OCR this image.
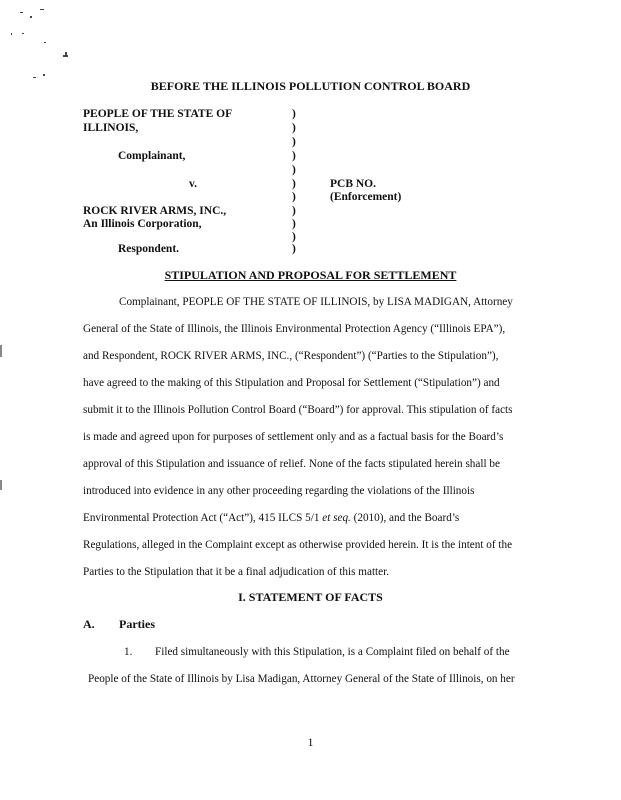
BEFORE THE ILLINOIS POLLUTION CONTROL BOARD
PEOPLE OF THE STATE OF
ILLINOIS,
Complainant,
v.	PCB NO.
(Enforcement)
ROCK RIVER ARMS, INC.,
An Illinois Corporation,
Respondent.
)
)
)
)
)
)
)
)
)
)
)
STIPULATION AND PROPOSAL FOR SETTLEMENT
Complainant, PEOPLE OF THE STATE OF ILLINOIS, by LISA MADIGAN, Attorney
General of the State of Illinois, the Illinois Environmental Protection Agency (“Illinois EPA”),
and Respondent, ROCK RIVER ARMS, INC., (“Respondent”) (“Parties to the Stipulation”),
have agreed to the making of this Stipulation and Proposal for Settlement (“Stipulation”) and
submit it to the Illinois Pollution Control Board (“Board”) for approval. This stipulation of facts
is made and agreed upon for purposes of settlement only and as a factual basis for the Board’s
approval of this Stipulation and issuance of relief. None of the facts stipulated herein shall be
introduced into evidence in any other proceeding regarding the violations of the Illinois
Environmental Protection Act (“Act”), 415 ILCS 5/1 et seq. (2010), and the Board’s
Regulations, alleged in the Complaint except as otherwise provided herein. It is the intent of the
Parties to the Stipulation that it be a final adjudication of this matter.
I. STATEMENT OF FACTS
A. Parties
1. Filed simultaneously with this Stipulation, is a Complaint filed on behalf of the
People of the State of Illinois by Lisa Madigan, Attorney General of the State of Illinois, on her
1
